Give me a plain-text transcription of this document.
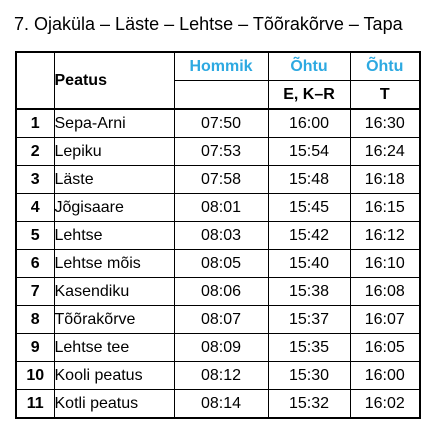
7. Ojaküla – Läste – Lehtse – Tõõrakõrve – Tapa
	Peatus	Hommik	Õhtu	Õhtu
			E, K–R	T
1	Sepa-Arni	07:50	16:00	16:30
2	Lepiku	07:53	15:54	16:24
3	Läste	07:58	15:48	16:18
4	Jõgisaare	08:01	15:45	16:15
5	Lehtse	08:03	15:42	16:12
6	Lehtse mõis	08:05	15:40	16:10
7	Kasendiku	08:06	15:38	16:08
8	Tõõrakõrve	08:07	15:37	16:07
9	Lehtse tee	08:09	15:35	16:05
10	Kooli peatus	08:12	15:30	16:00
11	Kotli peatus	08:14	15:32	16:02
